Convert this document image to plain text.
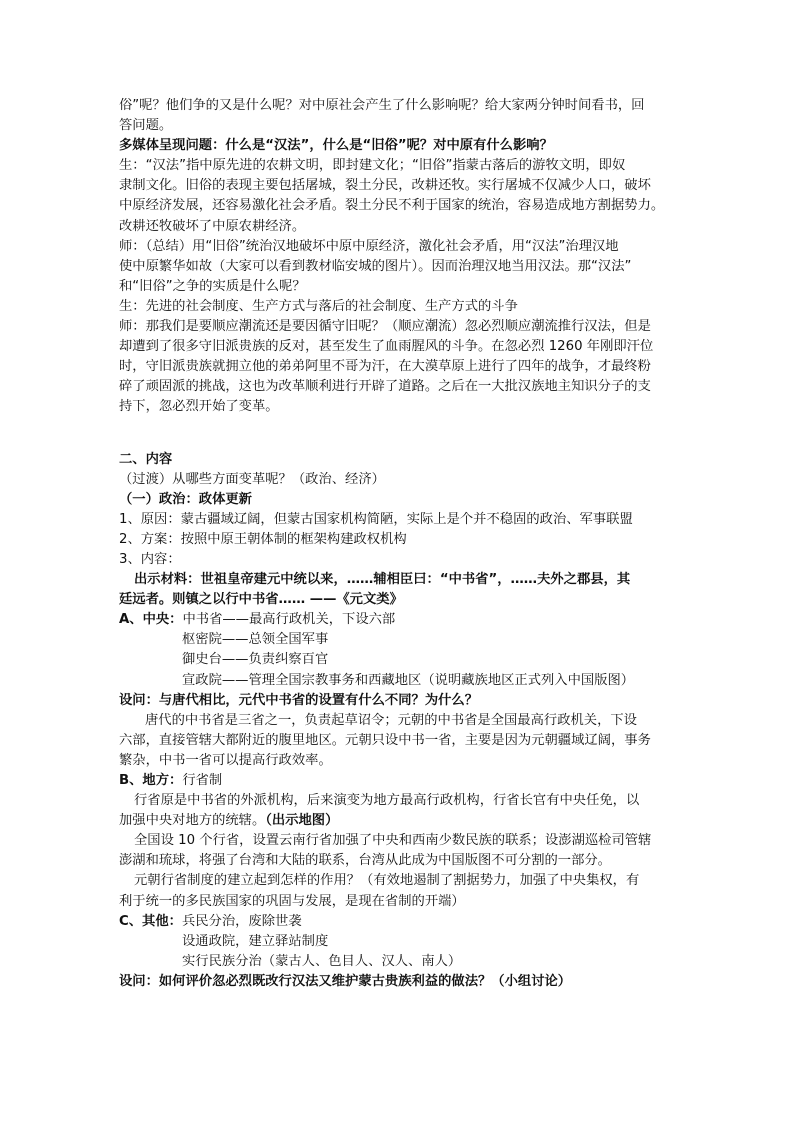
俗”呢？他们争的又是什么呢？对中原社会产生了什么影响呢？给大家两分钟时间看书，回
答问题。
多媒体呈现问题：什么是“汉法”，什么是“旧俗”呢？对中原有什么影响？
生：“汉法”指中原先进的农耕文明，即封建文化；“旧俗”指蒙古落后的游牧文明，即奴
隶制文化。旧俗的表现主要包括屠城，裂土分民，改耕还牧。实行屠城不仅减少人口，破坏
中原经济发展，还容易激化社会矛盾。裂土分民不利于国家的统治，容易造成地方割据势力。
改耕还牧破坏了中原农耕经济。
师：（总结）用“旧俗”统治汉地破坏中原中原经济，激化社会矛盾，用“汉法”治理汉地
使中原繁华如故（大家可以看到教材临安城的图片）。因而治理汉地当用汉法。那“汉法”
和“旧俗”之争的实质是什么呢？
生：先进的社会制度、生产方式与落后的社会制度、生产方式的斗争
师：那我们是要顺应潮流还是要因循守旧呢？（顺应潮流）忽必烈顺应潮流推行汉法，但是
却遭到了很多守旧派贵族的反对，甚至发生了血雨腥风的斗争。在忽必烈 1260 年刚即汗位
时，守旧派贵族就拥立他的弟弟阿里不哥为汗，在大漠草原上进行了四年的战争，才最终粉
碎了顽固派的挑战，这也为改革顺利进行开辟了道路。之后在一大批汉族地主知识分子的支
持下，忽必烈开始了变革。
二、内容
（过渡）从哪些方面变革呢？（政治、经济）
（一）政治：政体更新
1、原因：蒙古疆域辽阔，但蒙古国家机构简陋，实际上是个并不稳固的政治、军事联盟
2、方案：按照中原王朝体制的框架构建政权机构
3、内容：
出示材料：世祖皇帝建元中统以来，……辅相臣曰：“中书省”，……夫外之郡县，其
廷远者。则镇之以行中书省…… ——《元文类》
A、中央：中书省——最高行政机关，下设六部
枢密院——总领全国军事
御史台——负责纠察百官
宣政院——管理全国宗教事务和西藏地区（说明藏族地区正式列入中国版图）
设问：与唐代相比，元代中书省的设置有什么不同？为什么？
唐代的中书省是三省之一，负责起草诏令；元朝的中书省是全国最高行政机关，下设
六部，直接管辖大都附近的腹里地区。元朝只设中书一省，主要是因为元朝疆域辽阔，事务
繁杂，中书一省可以提高行政效率。
B、地方：行省制
行省原是中书省的外派机构，后来演变为地方最高行政机构，行省长官有中央任免，以
加强中央对地方的统辖。（出示地图）
全国设 10 个行省，设置云南行省加强了中央和西南少数民族的联系；设澎湖巡检司管辖
澎湖和琉球，将强了台湾和大陆的联系，台湾从此成为中国版图不可分割的一部分。
元朝行省制度的建立起到怎样的作用？（有效地遏制了割据势力，加强了中央集权，有
利于统一的多民族国家的巩固与发展，是现在省制的开端）
C、其他：兵民分治，废除世袭
设通政院，建立驿站制度
实行民族分治（蒙古人、色目人、汉人、南人）
设问：如何评价忽必烈既改行汉法又维护蒙古贵族利益的做法？（小组讨论）
